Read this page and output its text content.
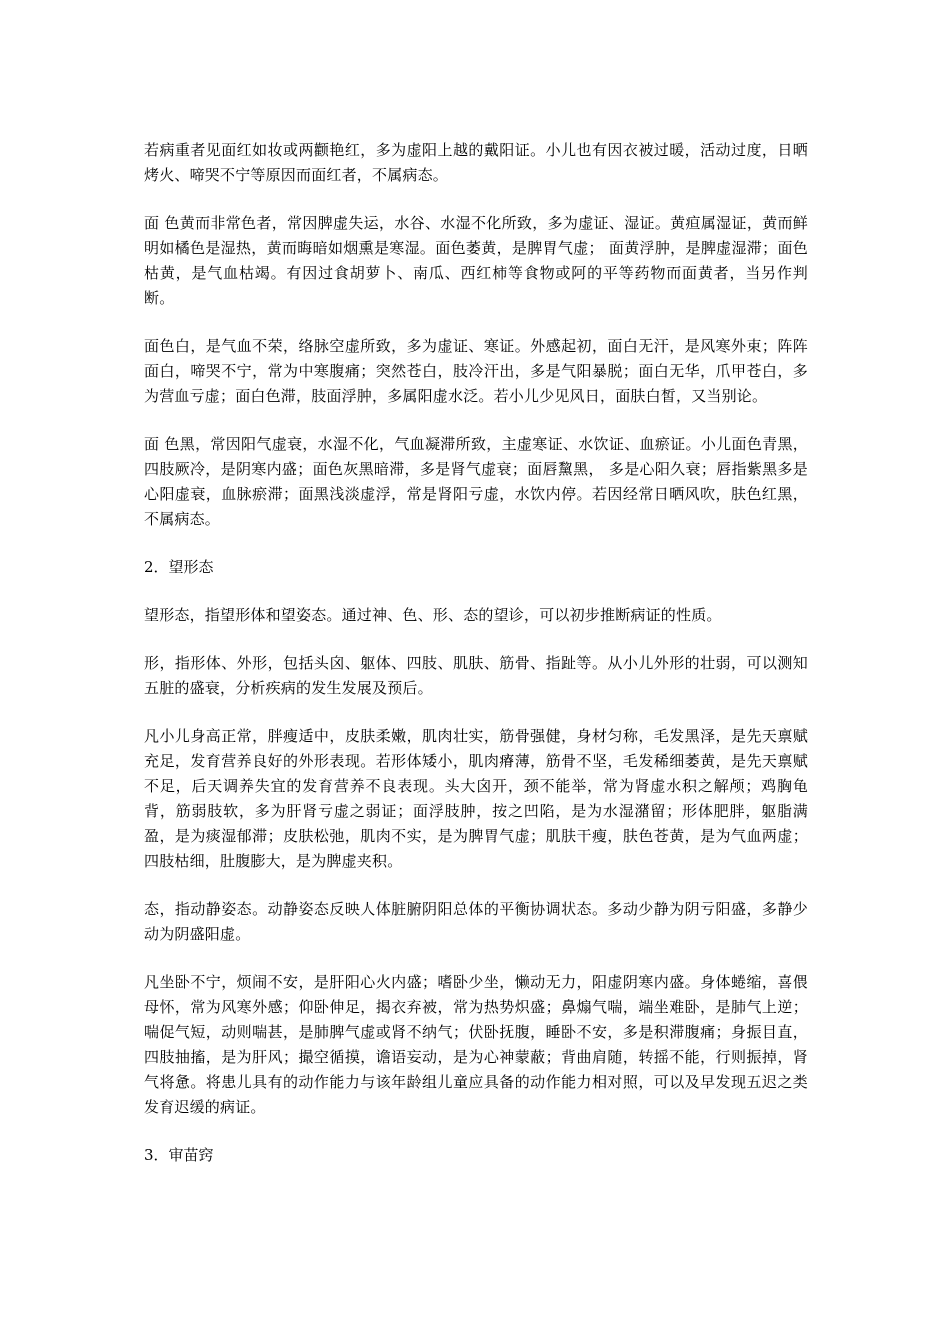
若病重者见面红如妆或两颧艳红，多为虚阳上越的戴阳证。小儿也有因衣被过暖，活动过度，日晒烤火、啼哭不宁等原因而面红者，不属病态。

面 色黄而非常色者，常因脾虚失运，水谷、水湿不化所致，多为虚证、湿证。黄疸属湿证，黄而鲜明如橘色是湿热，黄而晦暗如烟熏是寒湿。面色萎黄，是脾胃气虚； 面黄浮肿，是脾虚湿滞；面色枯黄，是气血枯竭。有因过食胡萝卜、南瓜、西红柿等食物或阿的平等药物而面黄者，当另作判断。

面色白，是气血不荣，络脉空虚所致，多为虚证、寒证。外感起初，面白无汗，是风寒外束；阵阵面白，啼哭不宁，常为中寒腹痛；突然苍白，肢冷汗出，多是气阳暴脱；面白无华，爪甲苍白，多为营血亏虚；面白色滞，肢面浮肿，多属阳虚水泛。若小儿少见风日，面肤白皙，又当别论。

面 色黑，常因阳气虚衰，水湿不化，气血凝滞所致，主虚寒证、水饮证、血瘀证。小儿面色青黑，四肢厥冷，是阴寒内盛；面色灰黑暗滞，多是肾气虚衰；面唇黧黑， 多是心阳久衰；唇指紫黑多是心阳虚衰，血脉瘀滞；面黑浅淡虚浮，常是肾阳亏虚，水饮内停。若因经常日晒风吹，肤色红黑，不属病态。

2．望形态

望形态，指望形体和望姿态。通过神、色、形、态的望诊，可以初步推断病证的性质。

形，指形体、外形，包括头囟、躯体、四肢、肌肤、筋骨、指趾等。从小儿外形的壮弱，可以测知五脏的盛衰，分析疾病的发生发展及预后。

凡小儿身高正常，胖瘦适中，皮肤柔嫩，肌肉壮实，筋骨强健，身材匀称，毛发黑泽，是先天禀赋充足，发育营养良好的外形表现。若形体矮小，肌肉瘠薄，筋骨不坚，毛发稀细萎黄，是先天禀赋不足，后天调养失宜的发育营养不良表现。头大囟开，颈不能举，常为肾虚水积之解颅；鸡胸龟背，筋弱肢软，多为肝肾亏虚之弱证；面浮肢肿，按之凹陷，是为水湿潴留；形体肥胖，躯脂满盈，是为痰湿郁滞；皮肤松弛，肌肉不实，是为脾胃气虚；肌肤干瘦，肤色苍黄，是为气血两虚；四肢枯细，肚腹膨大，是为脾虚夹积。

态，指动静姿态。动静姿态反映人体脏腑阴阳总体的平衡协调状态。多动少静为阴亏阳盛，多静少动为阴盛阳虚。

凡坐卧不宁，烦闹不安，是肝阳心火内盛；嗜卧少坐，懒动无力，阳虚阴寒内盛。身体蜷缩，喜偎母怀，常为风寒外感；仰卧伸足，揭衣弃被，常为热势炽盛；鼻煽气喘，端坐难卧，是肺气上逆；喘促气短，动则喘甚，是肺脾气虚或肾不纳气；伏卧抚腹，睡卧不安，多是积滞腹痛；身振目直，四肢抽搐，是为肝风；撮空循摸，谵语妄动，是为心神蒙蔽；背曲肩随，转摇不能，行则振掉，肾气将惫。将患儿具有的动作能力与该年龄组儿童应具备的动作能力相对照，可以及早发现五迟之类发育迟缓的病证。

3．审苗窍
